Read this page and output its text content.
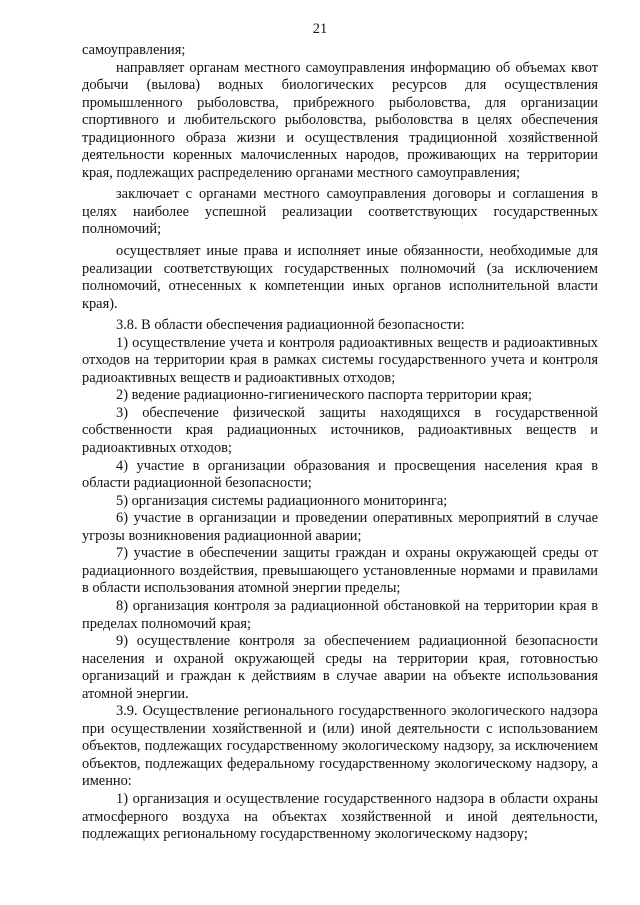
21

самоуправления;

направляет органам местного самоуправления информацию об объемах квот добычи (вылова) водных биологических ресурсов для осуществления промышленного рыболовства, прибрежного рыболовства, для организации спортивного и любительского рыболовства, рыболовства в целях обеспечения традиционного образа жизни и осуществления традиционной хозяйственной деятельности коренных малочисленных народов, проживающих на территории края, подлежащих распределению органами местного самоуправления;

заключает с органами местного самоуправления договоры и соглашения в целях наиболее успешной реализации соответствующих государственных полномочий;

осуществляет иные права и исполняет иные обязанности, необходимые для реализации соответствующих государственных полномочий (за исключением полномочий, отнесенных к компетенции иных органов исполнительной власти края).

3.8. В области обеспечения радиационной безопасности:

1) осуществление учета и контроля радиоактивных веществ и радиоактивных отходов на территории края в рамках системы государственного учета и контроля радиоактивных веществ и радиоактивных отходов;

2) ведение радиационно-гигиенического паспорта территории края;

3) обеспечение физической защиты находящихся в государственной собственности края радиационных источников, радиоактивных веществ и радиоактивных отходов;

4) участие в организации образования и просвещения населения края в области радиационной безопасности;

5) организация системы радиационного мониторинга;

6) участие в организации и проведении оперативных мероприятий в случае угрозы возникновения радиационной аварии;

7) участие в обеспечении защиты граждан и охраны окружающей среды от радиационного воздействия, превышающего установленные нормами и правилами в области использования атомной энергии пределы;

8) организация контроля за радиационной обстановкой на территории края в пределах полномочий края;

9) осуществление контроля за обеспечением радиационной безопасности населения и охраной окружающей среды на территории края, готовностью организаций и граждан к действиям в случае аварии на объекте использования атомной энергии.

3.9. Осуществление регионального государственного экологического надзора при осуществлении хозяйственной и (или) иной деятельности с использованием объектов, подлежащих государственному экологическому надзору, за исключением объектов, подлежащих федеральному государственному экологическому надзору, а именно:

1) организация и осуществление государственного надзора в области охраны атмосферного воздуха на объектах хозяйственной и иной деятельности, подлежащих региональному государственному экологическому надзору;
